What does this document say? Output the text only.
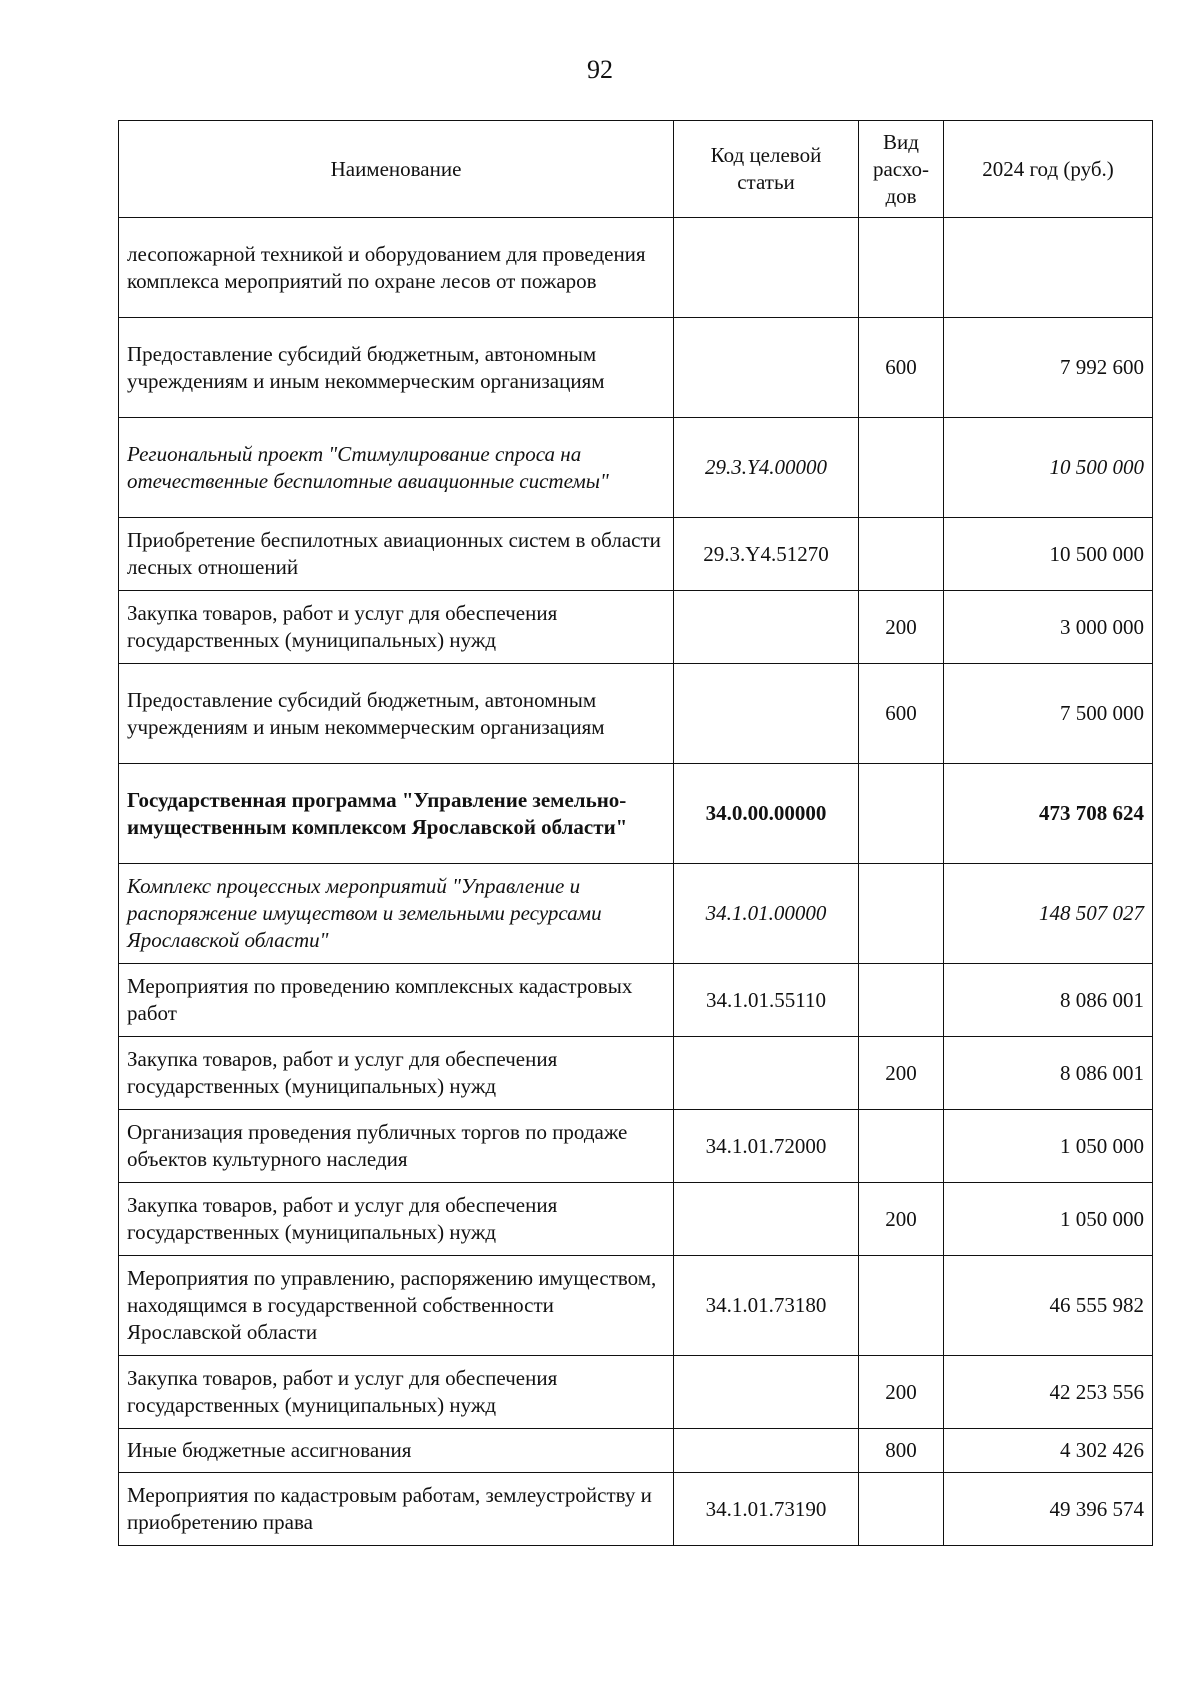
92
Наименование	Код целевой статьи	Вид расхо-дов	2024 год (руб.)
лесопожарной техникой и оборудованием для проведения комплекса мероприятий по охране лесов от пожаров			
Предоставление субсидий бюджетным, автономным учреждениям и иным некоммерческим организациям		600	7 992 600
Региональный проект "Стимулирование спроса на отечественные беспилотные авиационные системы"	29.3.Y4.00000		10 500 000
Приобретение беспилотных авиационных систем в области лесных отношений	29.3.Y4.51270		10 500 000
Закупка товаров, работ и услуг для обеспечения государственных (муниципальных) нужд		200	3 000 000
Предоставление субсидий бюджетным, автономным учреждениям и иным некоммерческим организациям		600	7 500 000
Государственная программа "Управление земельно-имущественным комплексом Ярославской области"	34.0.00.00000		473 708 624
Комплекс процессных мероприятий "Управление и распоряжение имуществом и земельными ресурсами Ярославской области"	34.1.01.00000		148 507 027
Мероприятия по проведению комплексных кадастровых работ	34.1.01.55110		8 086 001
Закупка товаров, работ и услуг для обеспечения государственных (муниципальных) нужд		200	8 086 001
Организация проведения публичных торгов по продаже объектов культурного наследия	34.1.01.72000		1 050 000
Закупка товаров, работ и услуг для обеспечения государственных (муниципальных) нужд		200	1 050 000
Мероприятия по управлению, распоряжению имуществом, находящимся в государственной собственности Ярославской области	34.1.01.73180		46 555 982
Закупка товаров, работ и услуг для обеспечения государственных (муниципальных) нужд		200	42 253 556
Иные бюджетные ассигнования		800	4 302 426
Мероприятия по кадастровым работам, землеустройству и приобретению права	34.1.01.73190		49 396 574
